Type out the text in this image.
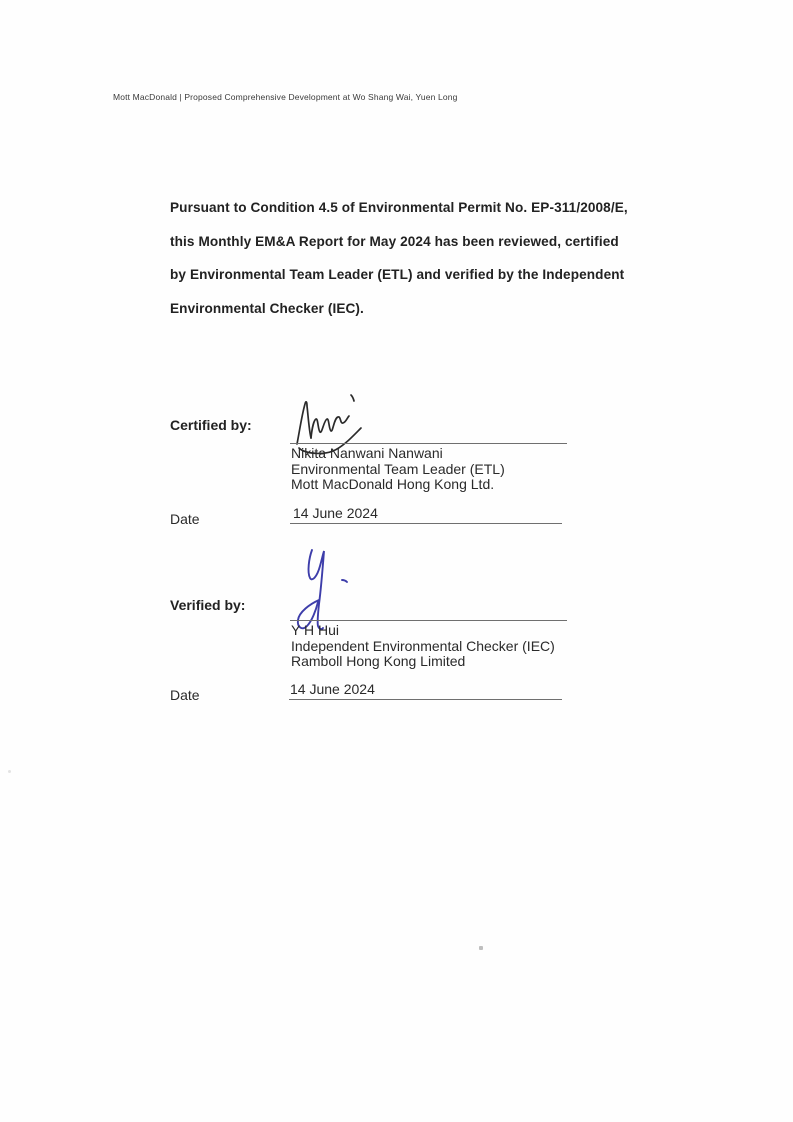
Mott MacDonald | Proposed Comprehensive Development at Wo Shang Wai, Yuen Long
Pursuant to Condition 4.5 of Environmental Permit No. EP-311/2008/E,
this Monthly EM&A Report for May 2024 has been reviewed, certified
by Environmental Team Leader (ETL) and verified by the Independent
Environmental Checker (IEC).
Certified by:
Nikita Nanwani Nanwani
Environmental Team Leader (ETL)
Mott MacDonald Hong Kong Ltd.
Date	14 June 2024
Verified by:
Y H Hui
Independent Environmental Checker (IEC)
Ramboll Hong Kong Limited
Date	14 June 2024
